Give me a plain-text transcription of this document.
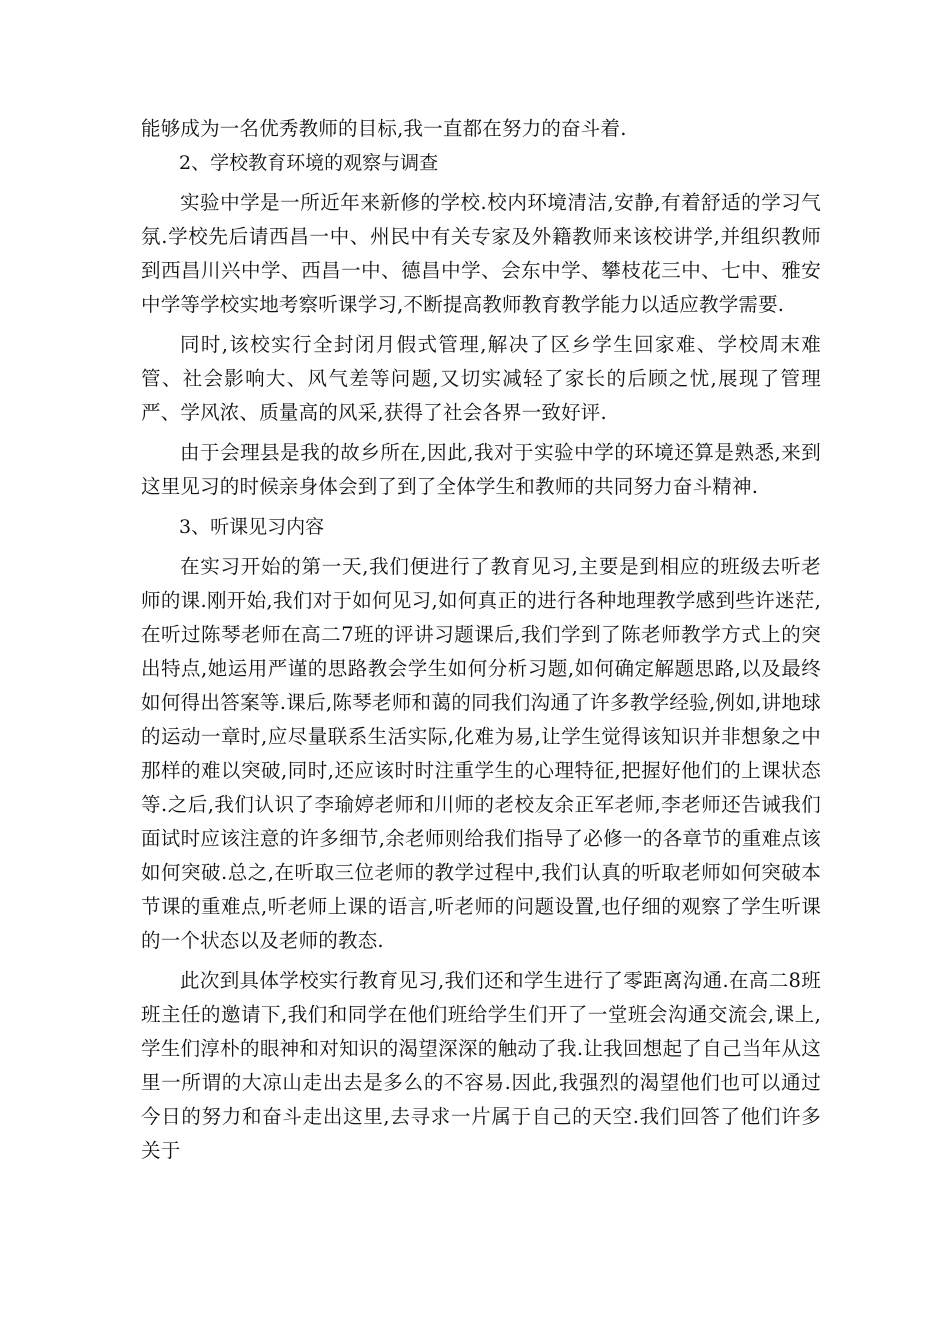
能够成为一名优秀教师的目标,我一直都在努力的奋斗着.

2、学校教育环境的观察与调查

实验中学是一所近年来新修的学校.校内环境清洁,安静,有着舒适的学习气氛.学校先后请西昌一中、州民中有关专家及外籍教师来该校讲学,并组织教师到西昌川兴中学、西昌一中、德昌中学、会东中学、攀枝花三中、七中、雅安中学等学校实地考察听课学习,不断提高教师教育教学能力以适应教学需要.

同时,该校实行全封闭月假式管理,解决了区乡学生回家难、学校周末难管、社会影响大、风气差等问题,又切实减轻了家长的后顾之忧,展现了管理严、学风浓、质量高的风采,获得了社会各界一致好评.

由于会理县是我的故乡所在,因此,我对于实验中学的环境还算是熟悉,来到这里见习的时候亲身体会到了到了全体学生和教师的共同努力奋斗精神.

3、听课见习内容

在实习开始的第一天,我们便进行了教育见习,主要是到相应的班级去听老师的课.刚开始,我们对于如何见习,如何真正的进行各种地理教学感到些许迷茫,在听过陈琴老师在高二7班的评讲习题课后,我们学到了陈老师教学方式上的突出特点,她运用严谨的思路教会学生如何分析习题,如何确定解题思路,以及最终如何得出答案等.课后,陈琴老师和蔼的同我们沟通了许多教学经验,例如,讲地球的运动一章时,应尽量联系生活实际,化难为易,让学生觉得该知识并非想象之中那样的难以突破,同时,还应该时时注重学生的心理特征,把握好他们的上课状态等.之后,我们认识了李瑜婷老师和川师的老校友余正军老师,李老师还告诫我们面试时应该注意的许多细节,余老师则给我们指导了必修一的各章节的重难点该如何突破.总之,在听取三位老师的教学过程中,我们认真的听取老师如何突破本节课的重难点,听老师上课的语言,听老师的问题设置,也仔细的观察了学生听课的一个状态以及老师的教态.

此次到具体学校实行教育见习,我们还和学生进行了零距离沟通.在高二8班班主任的邀请下,我们和同学在他们班给学生们开了一堂班会沟通交流会,课上,学生们淳朴的眼神和对知识的渴望深深的触动了我.让我回想起了自己当年从这里一所谓的大凉山走出去是多么的不容易.因此,我强烈的渴望他们也可以通过今日的努力和奋斗走出这里,去寻求一片属于自己的天空.我们回答了他们许多关于
